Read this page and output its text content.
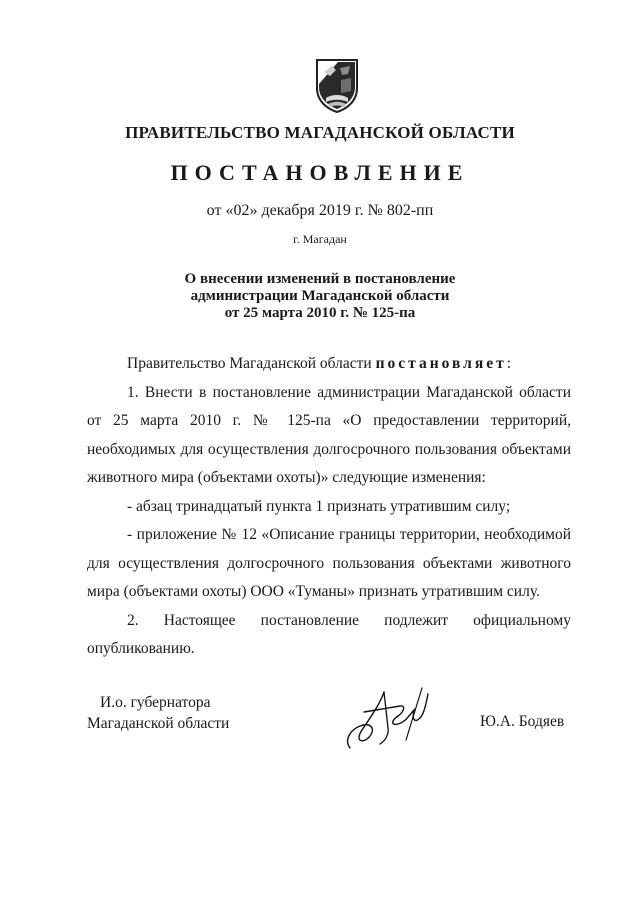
ПРАВИТЕЛЬСТВО МАГАДАНСКОЙ ОБЛАСТИ
ПОСТАНОВЛЕНИЕ
от «02» декабря 2019 г. № 802-пп
г. Магадан
О внесении изменений в постановление
администрации Магаданской области
от 25 марта 2010 г. № 125-па

Правительство Магаданской области постановляет:

1. Внести в постановление администрации Магаданской области от 25 марта 2010 г. № 125-па «О предоставлении территорий, необходимых для осуществления долгосрочного пользования объектами животного мира (объектами охоты)» следующие изменения:

- абзац тринадцатый пункта 1 признать утратившим силу;

- приложение № 12 «Описание границы территории, необходимой для осуществления долгосрочного пользования объектами животного мира (объектами охоты) ООО «Туманы» признать утратившим силу.

2. Настоящее постановление подлежит официальному опубликованию.

И.о. губернатора
Магаданской области	Ю.А. Бодяев
